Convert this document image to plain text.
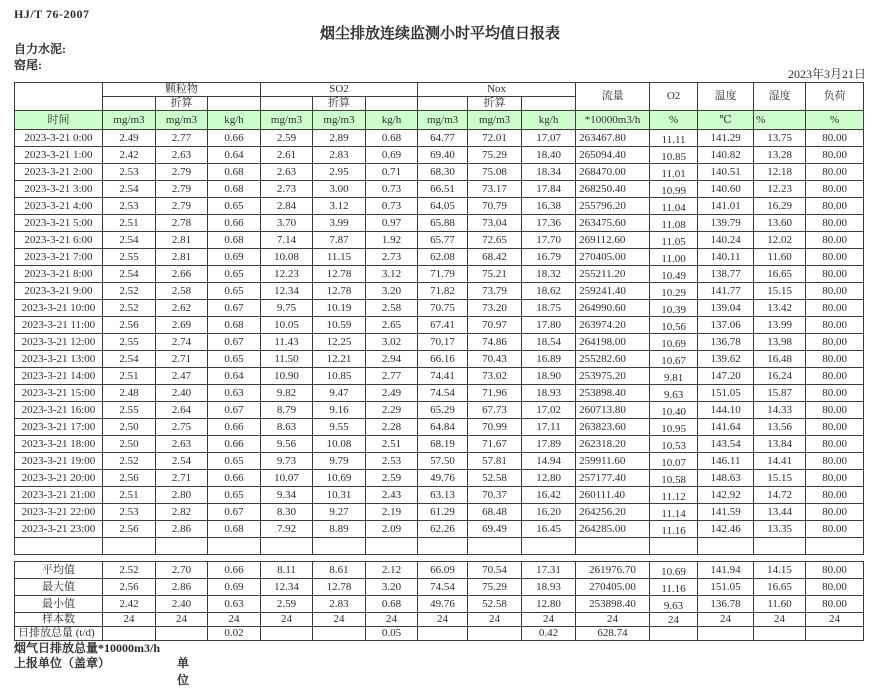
HJ/T 76-2007
烟尘排放连续监测小时平均值日报表
自力水泥:
窑尾:
2023年3月21日
	颗粒物			SO2			Nox			流量	O2	温度	湿度	负荷
		折算			折算			折算						
时间	mg/m3	mg/m3	kg/h	mg/m3	mg/m3	kg/h	mg/m3	mg/m3	kg/h	*10000m3/h	%	℃	%	%
2023-3-21 0:00	2.49	2.77	0.66	2.59	2.89	0.68	64.77	72.01	17.07	263467.80	11.11	141.29	13.75	80.00
2023-3-21 1:00	2.42	2.63	0.64	2.61	2.83	0.69	69.40	75.29	18.40	265094.40	10.85	140.82	13.28	80.00
2023-3-21 2:00	2.53	2.79	0.68	2.63	2.95	0.71	68.30	75.08	18.34	268470.00	11.01	140.51	12.18	80.00
2023-3-21 3:00	2.54	2.79	0.68	2.73	3.00	0.73	66.51	73.17	17.84	268250.40	10.99	140.60	12.23	80.00
2023-3-21 4:00	2.53	2.79	0.65	2.84	3.12	0.73	64.05	70.79	16.38	255796.20	11.04	141.01	16.29	80.00
2023-3-21 5:00	2.51	2.78	0.66	3.70	3.99	0.97	65.88	73.04	17.36	263475.60	11.08	139.79	13.60	80.00
2023-3-21 6:00	2.54	2.81	0.68	7.14	7.87	1.92	65.77	72.65	17.70	269112.60	11.05	140.24	12.02	80.00
2023-3-21 7:00	2.55	2.81	0.69	10.08	11.15	2.73	62.08	68.42	16.79	270405.00	11.00	140.11	11.60	80.00
2023-3-21 8:00	2.54	2.66	0.65	12.23	12.78	3.12	71.79	75.21	18.32	255211.20	10.49	138.77	16.65	80.00
2023-3-21 9:00	2.52	2.58	0.65	12.34	12.78	3.20	71.82	73.79	18.62	259241.40	10.29	141.77	15.15	80.00
2023-3-21 10:00	2.52	2.62	0.67	9.75	10.19	2.58	70.75	73.20	18.75	264990.60	10.39	139.04	13.42	80.00
2023-3-21 11:00	2.56	2.69	0.68	10.05	10.59	2.65	67.41	70.97	17.80	263974.20	10.56	137.06	13.99	80.00
2023-3-21 12:00	2.55	2.74	0.67	11.43	12.25	3.02	70.17	74.86	18.54	264198.00	10.69	136.78	13.98	80.00
2023-3-21 13:00	2.54	2.71	0.65	11.50	12.21	2.94	66.16	70.43	16.89	255282.60	10.67	139.62	16.48	80.00
2023-3-21 14:00	2.51	2.47	0.64	10.90	10.85	2.77	74.41	73.02	18.90	253975.20	9.81	147.20	16.24	80.00
2023-3-21 15:00	2.48	2.40	0.63	9.82	9.47	2.49	74.54	71.96	18.93	253898.40	9.63	151.05	15.87	80.00
2023-3-21 16:00	2.55	2.64	0.67	8.79	9.16	2.29	65.29	67.73	17.02	260713.80	10.40	144.10	14.33	80.00
2023-3-21 17:00	2.50	2.75	0.66	8.63	9.55	2.28	64.84	70.99	17.11	263823.60	10.95	141.64	13.56	80.00
2023-3-21 18:00	2.50	2.63	0.66	9.56	10.08	2.51	68.19	71.67	17.89	262318.20	10.53	143.54	13.84	80.00
2023-3-21 19:00	2.52	2.54	0.65	9.73	9.79	2.53	57.50	57.81	14.94	259911.60	10.07	146.11	14.41	80.00
2023-3-21 20:00	2.56	2.71	0.66	10.07	10.69	2.59	49.76	52.58	12.80	257177.40	10.58	148.63	15.15	80.00
2023-3-21 21:00	2.51	2.80	0.65	9.34	10.31	2.43	63.13	70.37	16.42	260111.40	11.12	142.92	14.72	80.00
2023-3-21 22:00	2.53	2.82	0.67	8.30	9.27	2.19	61.29	68.48	16.20	264256.20	11.14	141.59	13.44	80.00
2023-3-21 23:00	2.56	2.86	0.68	7.92	8.89	2.09	62.26	69.49	16.45	264285.00	11.16	142.46	13.35	80.00

平均值	2.52	2.70	0.66	8.11	8.61	2.12	66.09	70.54	17.31	261976.70	10.69	141.94	14.15	80.00
最大值	2.56	2.86	0.69	12.34	12.78	3.20	74.54	75.29	18.93	270405.00	11.16	151.05	16.65	80.00
最小值	2.42	2.40	0.63	2.59	2.83	0.68	49.76	52.58	12.80	253898.40	9.63	136.78	11.60	80.00
样本数	24	24	24	24	24	24	24	24	24	24	24	24	24	24
日排放总量 (t/d)			0.02			0.05			0.42	628.74				
烟气日排放总量*10000m3/h
上报单位（盖章）	单位
